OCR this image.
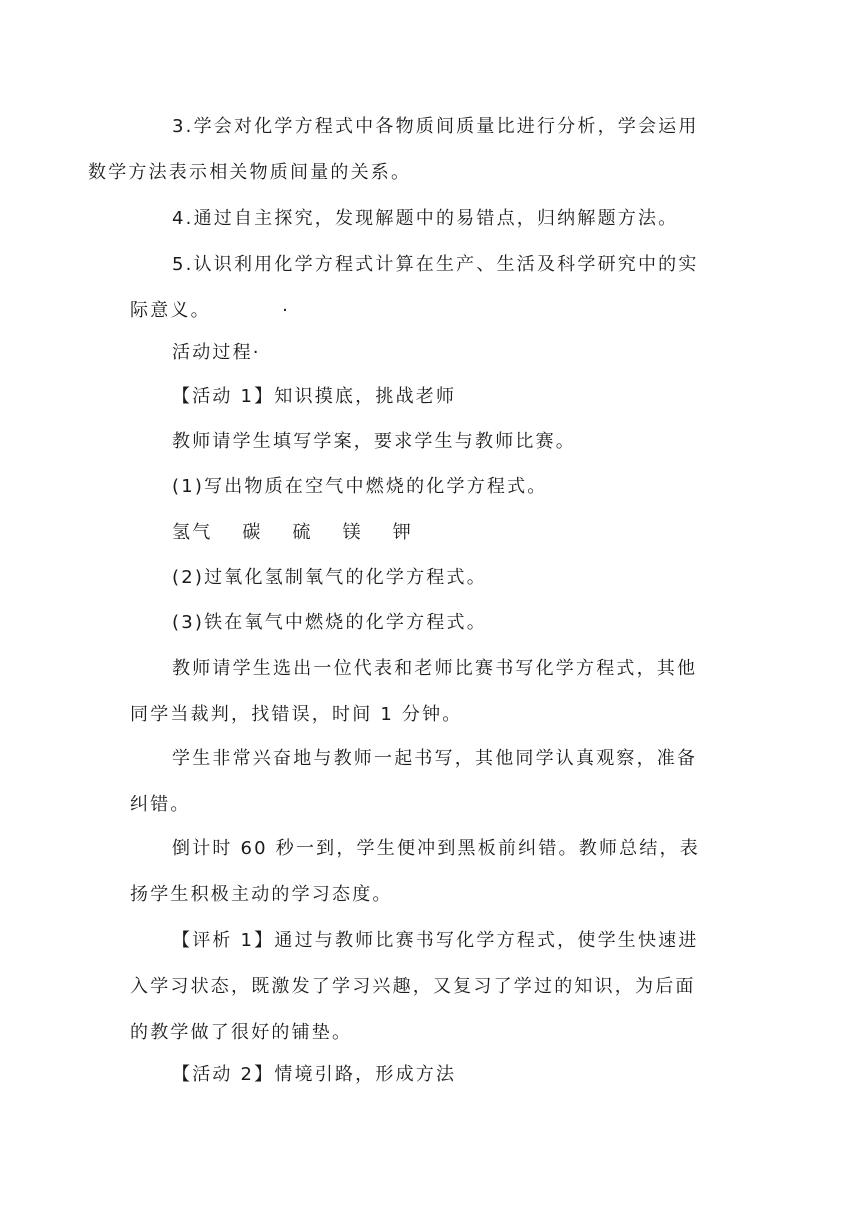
3.学会对化学方程式中各物质间质量比进行分析，学会运用
数学方法表示相关物质间量的关系。
4.通过自主探究，发现解题中的易错点，归纳解题方法。
5.认识利用化学方程式计算在生产、生活及科学研究中的实
际意义。         ·
活动过程·
【活动 1】知识摸底，挑战老师
教师请学生填写学案，要求学生与教师比赛。
(1)写出物质在空气中燃烧的化学方程式。
氢气 碳 硫 镁 钾
(2)过氧化氢制氧气的化学方程式。
(3)铁在氧气中燃烧的化学方程式。
教师请学生选出一位代表和老师比赛书写化学方程式，其他
同学当裁判，找错误，时间 1 分钟。
学生非常兴奋地与教师一起书写，其他同学认真观察，准备
纠错。
倒计时 60 秒一到，学生便冲到黑板前纠错。教师总结，表
扬学生积极主动的学习态度。
【评析 1】通过与教师比赛书写化学方程式，使学生快速进
入学习状态，既激发了学习兴趣，又复习了学过的知识，为后面
的教学做了很好的铺垫。
【活动 2】情境引路，形成方法
